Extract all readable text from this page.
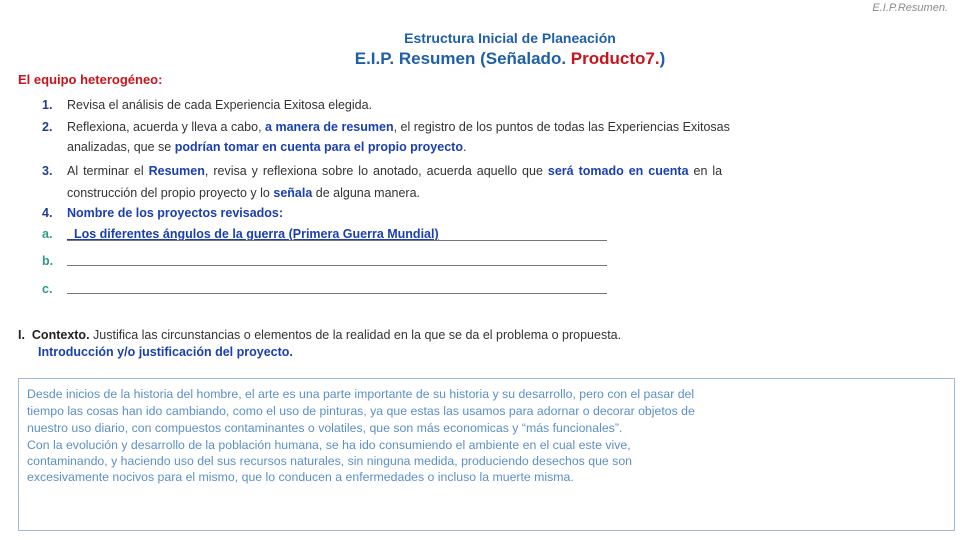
E.I.P.Resumen.
Estructura Inicial de Planeación
E.I.P. Resumen (Señalado. Producto7.)
El equipo heterogéneo:
1. Revisa el análisis de cada Experiencia Exitosa elegida.
2. Reflexiona, acuerda y lleva a cabo, a manera de resumen, el registro de los puntos de todas las Experiencias Exitosas
analizadas, que se podrían tomar en cuenta para el propio proyecto.
3. Al terminar el Resumen, revisa y reflexiona sobre lo anotado, acuerda aquello que será tomado en cuenta en la
construcción del propio proyecto y lo señala de alguna manera.
4. Nombre de los proyectos revisados:
a. _Los diferentes ángulos de la guerra (Primera Guerra Mundial)
b.
c.
I. Contexto. Justifica las circunstancias o elementos de la realidad en la que se da el problema o propuesta.
Introducción y/o justificación del proyecto.
Desde inicios de la historia del hombre, el arte es una parte importante de su historia y su desarrollo, pero con el pasar del
tiempo las cosas han ido cambiando, como el uso de pinturas, ya que estas las usamos para adornar o decorar objetos de
nuestro uso diario, con compuestos contaminantes o volatiles, que son más economicas y “más funcionales”.
Con la evolución y desarrollo de la población humana, se ha ido consumiendo el ambiente en el cual este vive,
contaminando, y haciendo uso del sus recursos naturales, sin ninguna medida, produciendo desechos que son
excesivamente nocivos para el mismo, que lo conducen a enfermedades o incluso la muerte misma.
